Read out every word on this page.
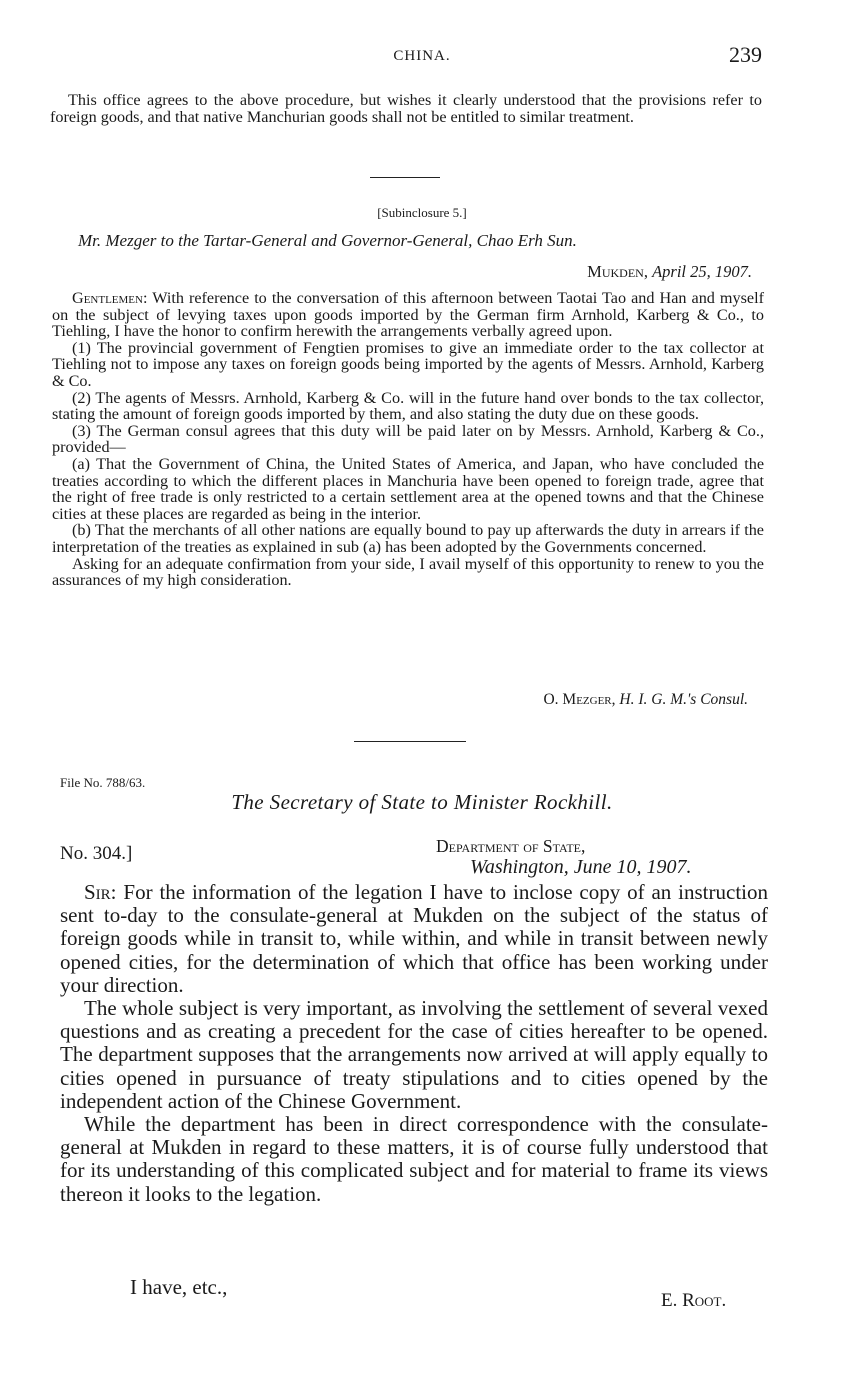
CHINA.	239

This office agrees to the above procedure, but wishes it clearly understood that the provisions refer to foreign goods, and that native Manchurian goods shall not be entitled to similar treatment.

[Subinclosure 5.]
Mr. Mezger to the Tartar-General and Governor-General, Chao Erh Sun.
Mukden, April 25, 1907.

Gentlemen: With reference to the conversation of this afternoon between Taotai Tao and Han and myself on the subject of levying taxes upon goods imported by the German firm Arnhold, Karberg & Co., to Tiehling, I have the honor to confirm herewith the arrangements verbally agreed upon.

(1) The provincial government of Fengtien promises to give an immediate order to the tax collector at Tiehling not to impose any taxes on foreign goods being imported by the agents of Messrs. Arnhold, Karberg & Co.

(2) The agents of Messrs. Arnhold, Karberg & Co. will in the future hand over bonds to the tax collector, stating the amount of foreign goods imported by them, and also stating the duty due on these goods.

(3) The German consul agrees that this duty will be paid later on by Messrs. Arnhold, Karberg & Co., provided—

(a) That the Government of China, the United States of America, and Japan, who have concluded the treaties according to which the different places in Manchuria have been opened to foreign trade, agree that the right of free trade is only restricted to a certain settlement area at the opened towns and that the Chinese cities at these places are regarded as being in the interior.

(b) That the merchants of all other nations are equally bound to pay up afterwards the duty in arrears if the interpretation of the treaties as explained in sub (a) has been adopted by the Governments concerned.

Asking for an adequate confirmation from your side, I avail myself of this opportunity to renew to you the assurances of my high consideration.

O. Mezger, H. I. G. M.'s Consul.
File No. 788/63.
The Secretary of State to Minister Rockhill.
No. 304.]	Department of State,
Washington, June 10, 1907.

Sir: For the information of the legation I have to inclose copy of an instruction sent to-day to the consulate-general at Mukden on the subject of the status of foreign goods while in transit to, while within, and while in transit between newly opened cities, for the determination of which that office has been working under your direction.

The whole subject is very important, as involving the settlement of several vexed questions and as creating a precedent for the case of cities hereafter to be opened. The department supposes that the arrangements now arrived at will apply equally to cities opened in pursuance of treaty stipulations and to cities opened by the independent action of the Chinese Government.

While the department has been in direct correspondence with the consulate-general at Mukden in regard to these matters, it is of course fully understood that for its understanding of this complicated subject and for material to frame its views thereon it looks to the legation.

I have, etc.,
E. Root.
